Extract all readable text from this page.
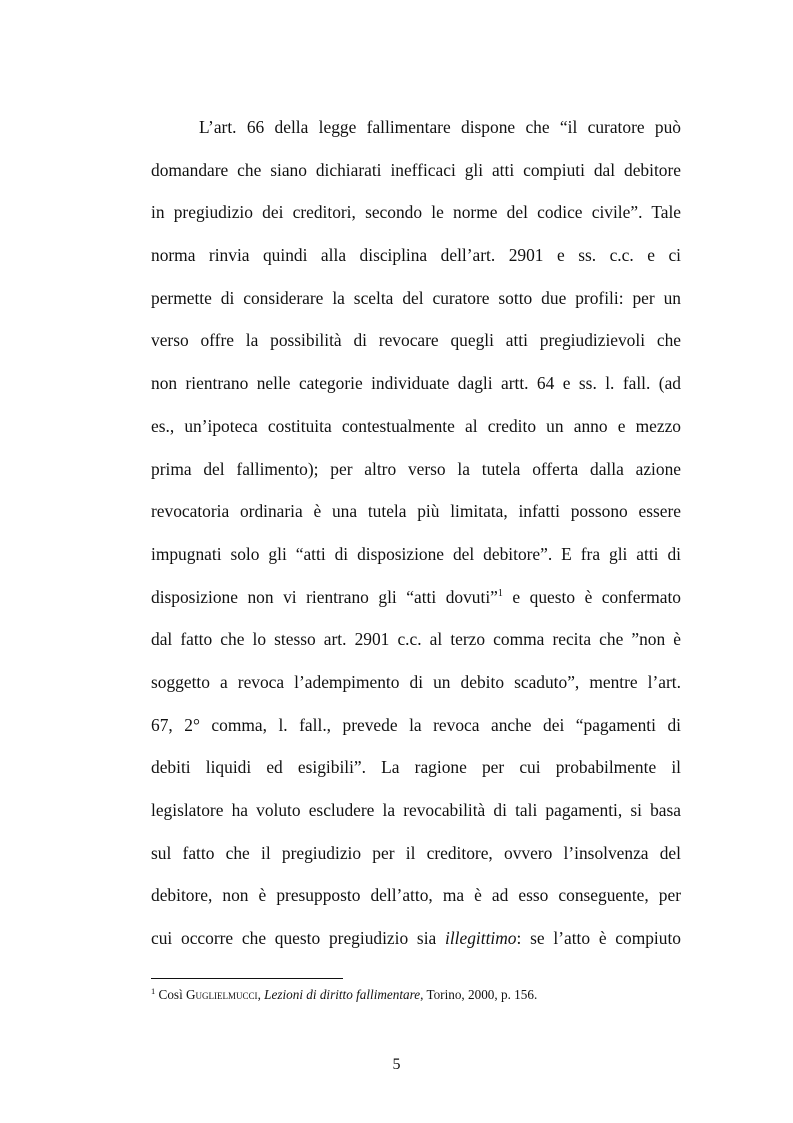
L’art. 66 della legge fallimentare dispone che “il curatore può
domandare che siano dichiarati inefficaci gli atti compiuti dal debitore
in pregiudizio dei creditori, secondo le norme del codice civile”. Tale
norma rinvia quindi alla disciplina dell’art. 2901 e ss. c.c. e ci
permette di considerare la scelta del curatore sotto due profili: per un
verso offre la possibilità di revocare quegli atti pregiudizievoli che
non rientrano nelle categorie individuate dagli artt. 64 e ss. l. fall. (ad
es., un’ipoteca costituita contestualmente al credito un anno e mezzo
prima del fallimento); per altro verso la tutela offerta dalla azione
revocatoria ordinaria è una tutela più limitata, infatti possono essere
impugnati solo gli “atti di disposizione del debitore”. E fra gli atti di
disposizione non vi rientrano gli “atti dovuti”$^1$ e questo è confermato
dal fatto che lo stesso art. 2901 c.c. al terzo comma recita che ”non è
soggetto a revoca l’adempimento di un debito scaduto”, mentre l’art.
67, 2° comma, l. fall., prevede la revoca anche dei “pagamenti di
debiti liquidi ed esigibili”. La ragione per cui probabilmente il
legislatore ha voluto escludere la revocabilità di tali pagamenti, si basa
sul fatto che il pregiudizio per il creditore, ovvero l’insolvenza del
debitore, non è presupposto dell’atto, ma è ad esso conseguente, per
cui occorre che questo pregiudizio sia illegittimo: se l’atto è compiuto
$^1$ Così Guglielmucci, Lezioni di diritto fallimentare, Torino, 2000, p. 156.
5
